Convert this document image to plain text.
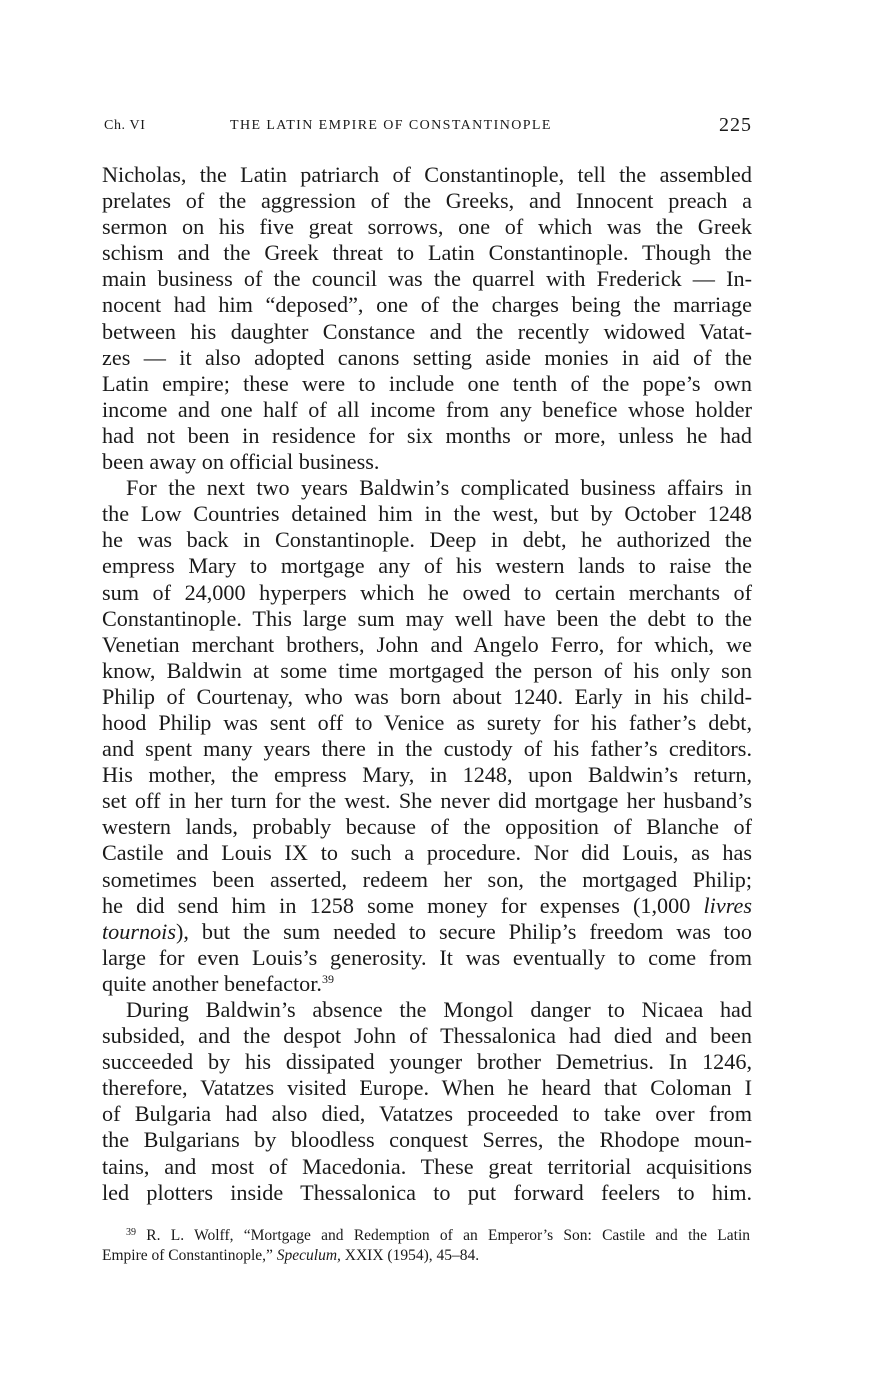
Ch. VI	THE LATIN EMPIRE OF CONSTANTINOPLE	225
Nicholas, the Latin patriarch of Constantinople, tell the assembled
prelates of the aggression of the Greeks, and Innocent preach a
sermon on his five great sorrows, one of which was the Greek
schism and the Greek threat to Latin Constantinople. Though the
main business of the council was the quarrel with Frederick — In-
nocent had him “deposed”, one of the charges being the marriage
between his daughter Constance and the recently widowed Vatat-
zes — it also adopted canons setting aside monies in aid of the
Latin empire; these were to include one tenth of the pope’s own
income and one half of all income from any benefice whose holder
had not been in residence for six months or more, unless he had
been away on official business.
For the next two years Baldwin’s complicated business affairs in
the Low Countries detained him in the west, but by October 1248
he was back in Constantinople. Deep in debt, he authorized the
empress Mary to mortgage any of his western lands to raise the
sum of 24,000 hyperpers which he owed to certain merchants of
Constantinople. This large sum may well have been the debt to the
Venetian merchant brothers, John and Angelo Ferro, for which, we
know, Baldwin at some time mortgaged the person of his only son
Philip of Courtenay, who was born about 1240. Early in his child-
hood Philip was sent off to Venice as surety for his father’s debt,
and spent many years there in the custody of his father’s creditors.
His mother, the empress Mary, in 1248, upon Baldwin’s return,
set off in her turn for the west. She never did mortgage her husband’s
western lands, probably because of the opposition of Blanche of
Castile and Louis IX to such a procedure. Nor did Louis, as has
sometimes been asserted, redeem her son, the mortgaged Philip;
he did send him in 1258 some money for expenses (1,000 livres
tournois), but the sum needed to secure Philip’s freedom was too
large for even Louis’s generosity. It was eventually to come from
quite another benefactor.$^{39}$
During Baldwin’s absence the Mongol danger to Nicaea had
subsided, and the despot John of Thessalonica had died and been
succeeded by his dissipated younger brother Demetrius. In 1246,
therefore, Vatatzes visited Europe. When he heard that Coloman I
of Bulgaria had also died, Vatatzes proceeded to take over from
the Bulgarians by bloodless conquest Serres, the Rhodope moun-
tains, and most of Macedonia. These great territorial acquisitions
led plotters inside Thessalonica to put forward feelers to him.
$^{39}$ R. L. Wolff, “Mortgage and Redemption of an Emperor’s Son: Castile and the Latin
Empire of Constantinople,” Speculum, XXIX (1954), 45–84.
